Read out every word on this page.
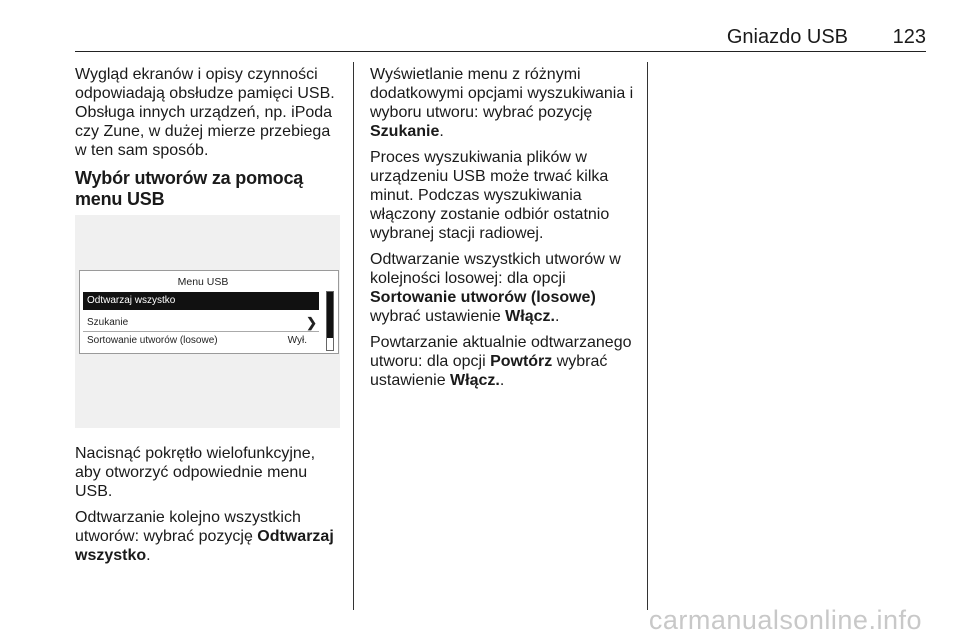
Gniazdo USB 123

Wygląd ekranów i opisy czynności odpowiadają obsłudze pamięci USB. Obsługa innych urządzeń, np. iPoda czy Zune, w dużej mierze przebiega w ten sam sposób.

Wybór utworów za pomocą menu USB
Menu USB
Odtwarzaj wszystko
Szukanie	❯
Sortowanie utworów (losowe)	Wył.

Nacisnąć pokrętło wielofunkcyjne, aby otworzyć odpowiednie menu USB.

Odtwarzanie kolejno wszystkich utworów: wybrać pozycję Odtwarzaj wszystko.

Wyświetlanie menu z różnymi dodatkowymi opcjami wyszukiwania i wyboru utworu: wybrać pozycję Szukanie.

Proces wyszukiwania plików w urządzeniu USB może trwać kilka minut. Podczas wyszukiwania włączony zostanie odbiór ostatnio wybranej stacji radiowej.

Odtwarzanie wszystkich utworów w kolejności losowej: dla opcji Sortowanie utworów (losowe) wybrać ustawienie Włącz..

Powtarzanie aktualnie odtwarzanego utworu: dla opcji Powtórz wybrać ustawienie Włącz..

carmanualsonline.info
